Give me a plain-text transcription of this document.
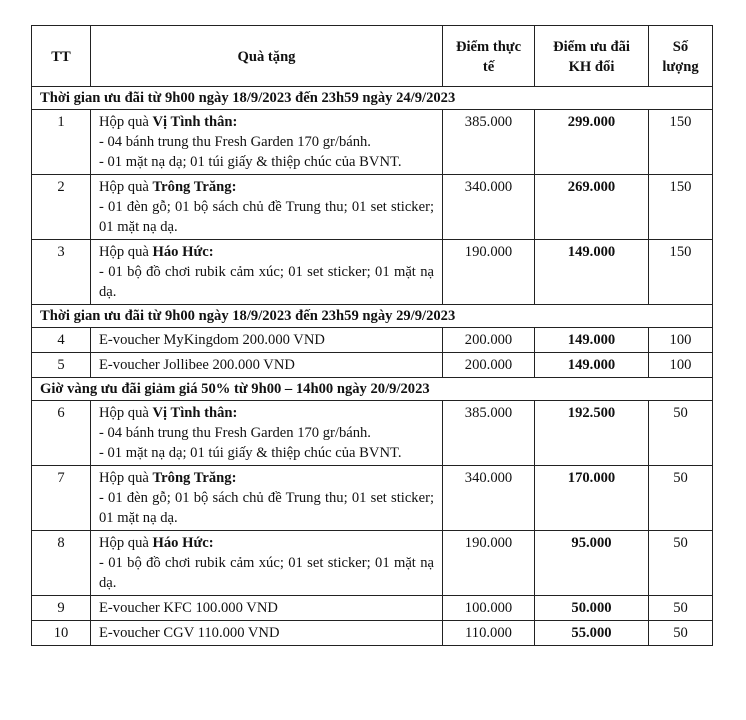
TT	Quà tặng	Điểm thực tế	Điểm ưu đãi KH đổi	Số lượng
Thời gian ưu đãi từ 9h00 ngày 18/9/2023 đến 23h59 ngày 24/9/2023				
1	Hộp quà Vị Tình thân:
- 04 bánh trung thu Fresh Garden 170 gr/bánh.
- 01 mặt nạ dạ; 01 túi giấy & thiệp chúc của BVNT.	385.000	299.000	150
2	Hộp quà Trông Trăng:
- 01 đèn gỗ; 01 bộ sách chủ đề Trung thu; 01 set sticker; 01 mặt nạ dạ.	340.000	269.000	150
3	Hộp quà Háo Hức:
- 01 bộ đồ chơi rubik cảm xúc; 01 set sticker; 01 mặt nạ dạ.	190.000	149.000	150
Thời gian ưu đãi từ 9h00 ngày 18/9/2023 đến 23h59 ngày 29/9/2023				
4	E-voucher MyKingdom 200.000 VND	200.000	149.000	100
5	E-voucher Jollibee 200.000 VND	200.000	149.000	100
Giờ vàng ưu đãi giảm giá 50% từ 9h00 – 14h00 ngày 20/9/2023				
6	Hộp quà Vị Tình thân:
- 04 bánh trung thu Fresh Garden 170 gr/bánh.
- 01 mặt nạ dạ; 01 túi giấy & thiệp chúc của BVNT.	385.000	192.500	50
7	Hộp quà Trông Trăng:
- 01 đèn gỗ; 01 bộ sách chủ đề Trung thu; 01 set sticker; 01 mặt nạ dạ.	340.000	170.000	50
8	Hộp quà Háo Hức:
- 01 bộ đồ chơi rubik cảm xúc; 01 set sticker; 01 mặt nạ dạ.	190.000	95.000	50
9	E-voucher KFC 100.000 VND	100.000	50.000	50
10	E-voucher CGV 110.000 VND	110.000	55.000	50
